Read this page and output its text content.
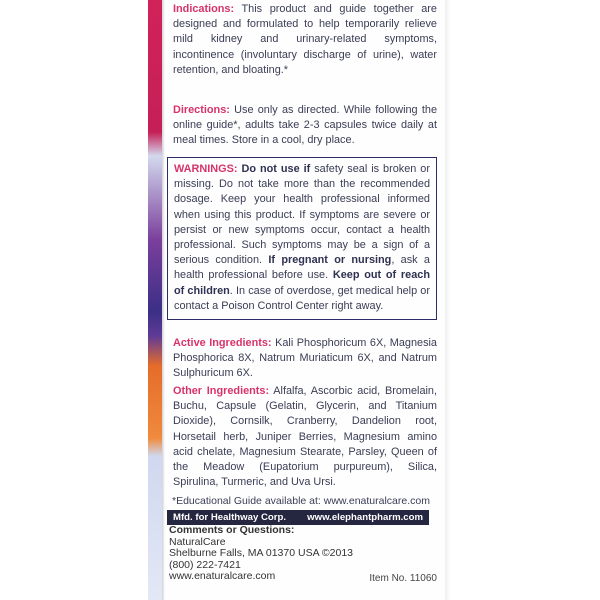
Indications: This product and guide together are designed and formulated to help temporarily relieve mild kidney and urinary-related symptoms, incontinence (involuntary discharge of urine), water retention, and bloating.*
Directions: Use only as directed. While following the online guide*, adults take 2-3 capsules twice daily at meal times. Store in a cool, dry place.
WARNINGS: Do not use if safety seal is broken or missing. Do not take more than the recommended dosage. Keep your health professional informed when using this product. If symptoms are severe or persist or new symptoms occur, contact a health professional. Such symptoms may be a sign of a serious condition. If pregnant or nursing, ask a health professional before use. Keep out of reach of children. In case of overdose, get medical help or contact a Poison Control Center right away.
Active Ingredients: Kali Phosphoricum 6X, Magnesia Phosphorica 8X, Natrum Muriaticum 6X, and Natrum Sulphuricum 6X.
Other Ingredients: Alfalfa, Ascorbic acid, Bromelain, Buchu, Capsule (Gelatin, Glycerin, and Titanium Dioxide), Cornsilk, Cranberry, Dandelion root, Horsetail herb, Juniper Berries, Magnesium amino acid chelate, Magnesium Stearate, Parsley, Queen of the Meadow (Eupatorium purpureum), Silica, Spirulina, Turmeric, and Uva Ursi.
*Educational Guide available at: www.enaturalcare.com
Mfd. for Healthway Corp. www.elephantpharm.com
Comments or Questions:
NaturalCare
Shelburne Falls, MA 01370 USA ©2013
(800) 222-7421
www.enaturalcare.com	Item No. 11060
